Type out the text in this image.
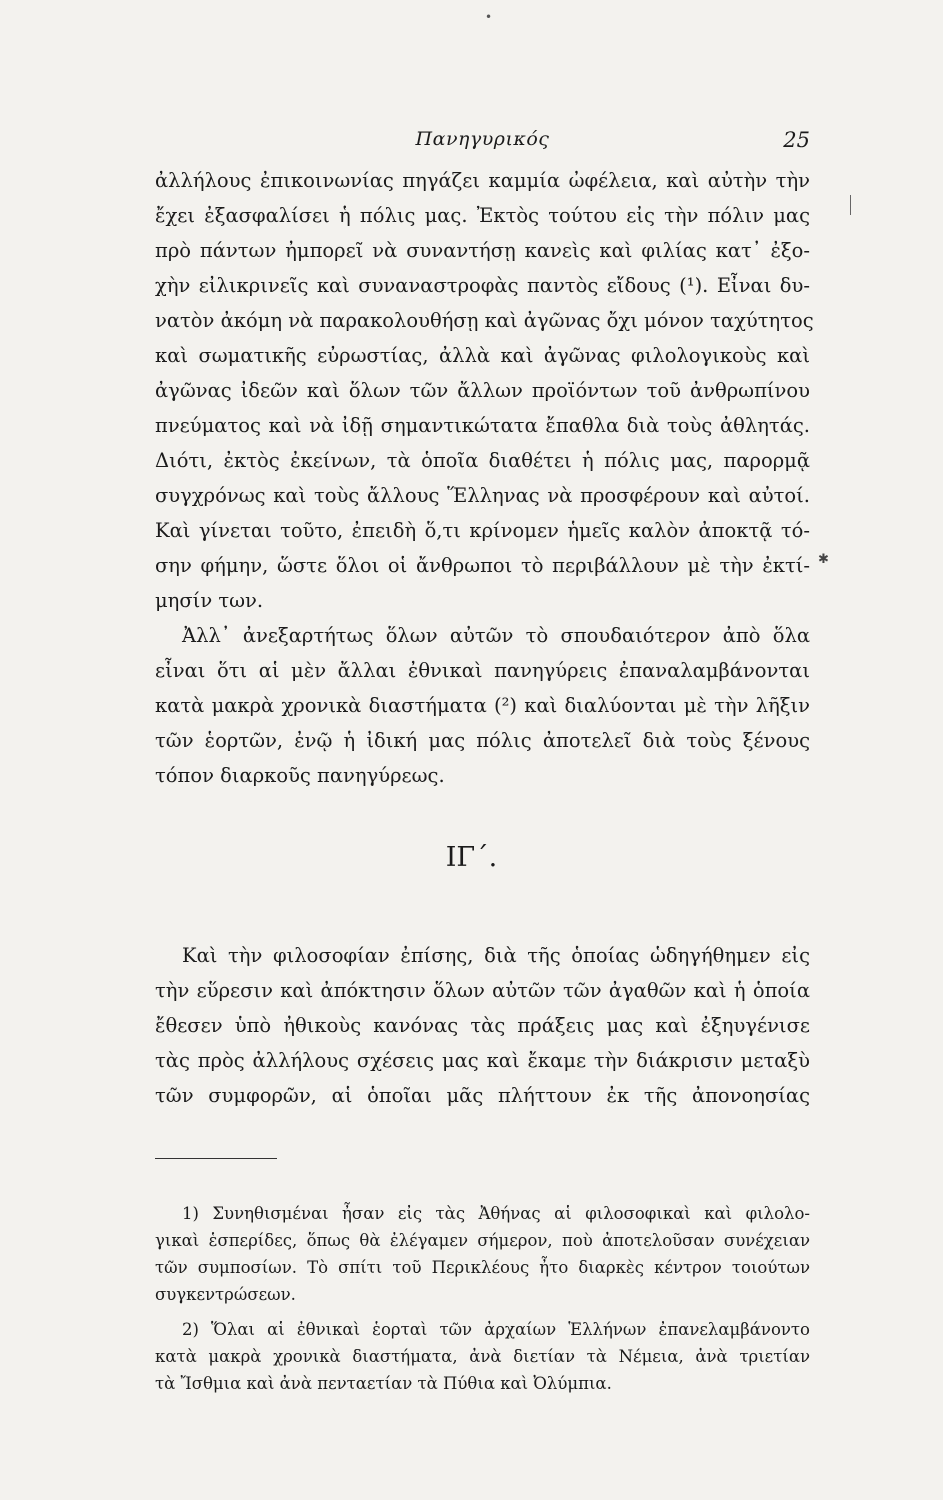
•
✱
Πανηγυρικός	25
ἀλλήλους ἐπικοινωνίας πηγάζει καμμία ὠφέλεια, καὶ αὐτὴν τὴν
ἔχει ἐξασφαλίσει ἡ πόλις μας. Ἐκτὸς τούτου εἰς τὴν πόλιν μας
πρὸ πάντων ἠμπορεῖ νὰ συναντήσῃ κανεὶς καὶ φιλίας κατ᾿ ἐξο-
χὴν εἰλικρινεῖς καὶ συναναστροφὰς παντὸς εἴδους (¹). Εἶναι δυ-
νατὸν ἀκόμη νὰ παρακολουθήσῃ καὶ ἀγῶνας ὄχι μόνον ταχύτητος
καὶ σωματικῆς εὐρωστίας, ἀλλὰ καὶ ἀγῶνας φιλολογικοὺς καὶ
ἀγῶνας ἰδεῶν καὶ ὅλων τῶν ἄλλων προϊόντων τοῦ ἀνθρωπίνου
πνεύματος καὶ νὰ ἰδῇ σημαντικώτατα ἔπαθλα διὰ τοὺς ἀθλητάς.
Διότι, ἐκτὸς ἐκείνων, τὰ ὁποῖα διαθέτει ἡ πόλις μας, παρορμᾷ
συγχρόνως καὶ τοὺς ἄλλους Ἕλληνας νὰ προσφέρουν καὶ αὐτοί.
Καὶ γίνεται τοῦτο, ἐπειδὴ ὅ,τι κρίνομεν ἡμεῖς καλὸν ἀποκτᾷ τό-
σην φήμην, ὥστε ὅλοι οἱ ἄνθρωποι τὸ περιβάλλουν μὲ τὴν ἐκτί-
μησίν των.
Ἀλλ᾿ ἀνεξαρτήτως ὅλων αὐτῶν τὸ σπουδαιότερον ἀπὸ ὅλα
εἶναι ὅτι αἱ μὲν ἄλλαι ἐθνικαὶ πανηγύρεις ἐπαναλαμβάνονται
κατὰ μακρὰ χρονικὰ διαστήματα (²) καὶ διαλύονται μὲ τὴν λῆξιν
τῶν ἑορτῶν, ἐνῷ ἡ ἰδική μας πόλις ἀποτελεῖ διὰ τοὺς ξένους
τόπον διαρκοῦς πανηγύρεως.
ΙΓ΄.
Καὶ τὴν φιλοσοφίαν ἐπίσης, διὰ τῆς ὁποίας ὡδηγήθημεν εἰς
τὴν εὕρεσιν καὶ ἀπόκτησιν ὅλων αὐτῶν τῶν ἀγαθῶν καὶ ἡ ὁποία
ἔθεσεν ὑπὸ ἠθικοὺς κανόνας τὰς πράξεις μας καὶ ἐξηυγένισε
τὰς πρὸς ἀλλήλους σχέσεις μας καὶ ἔκαμε τὴν διάκρισιν μεταξὺ
τῶν συμφορῶν, αἱ ὁποῖαι μᾶς πλήττουν ἐκ τῆς ἀπονοησίας
1) Συνηθισμέναι ἦσαν εἰς τὰς Ἀθήνας αἱ φιλοσοφικαὶ καὶ φιλολο-
γικαὶ ἑσπερίδες, ὅπως θὰ ἐλέγαμεν σήμερον, ποὺ ἀποτελοῦσαν συνέχειαν
τῶν συμποσίων. Τὸ σπίτι τοῦ Περικλέους ἦτο διαρκὲς κέντρον τοιούτων
συγκεντρώσεων.
2) Ὅλαι αἱ ἐθνικαὶ ἑορταὶ τῶν ἀρχαίων Ἑλλήνων ἐπανελαμβάνοντο
κατὰ μακρὰ χρονικὰ διαστήματα, ἀνὰ διετίαν τὰ Νέμεια, ἀνὰ τριετίαν
τὰ Ἴσθμια καὶ ἀνὰ πενταετίαν τὰ Πύθια καὶ Ὀλύμπια.
